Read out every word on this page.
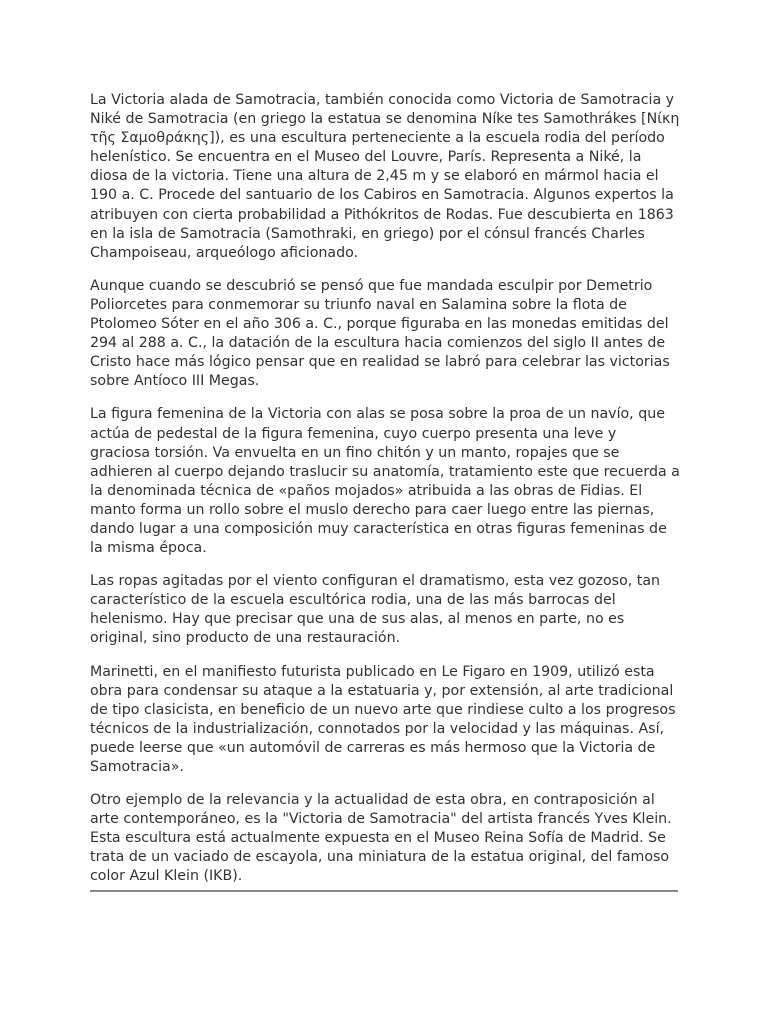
La Victoria alada de Samotracia, también conocida como Victoria de Samotracia y Niké de Samotracia (en griego la estatua se denomina Níke tes Samothrákes [Νίκη τῆς Σαμοθράκης]), es una escultura perteneciente a la escuela rodia del período helenístico. Se encuentra en el Museo del Louvre, París. Representa a Niké, la diosa de la victoria. Tiene una altura de 2,45 m y se elaboró en mármol hacia el 190 a. C. Procede del santuario de los Cabiros en Samotracia. Algunos expertos la atribuyen con cierta probabilidad a Pithókritos de Rodas. Fue descubierta en 1863 en la isla de Samotracia (Samothraki, en griego) por el cónsul francés Charles Champoiseau, arqueólogo aficionado.

Aunque cuando se descubrió se pensó que fue mandada esculpir por Demetrio Poliorcetes para conmemorar su triunfo naval en Salamina sobre la flota de Ptolomeo Sóter en el año 306 a. C., porque figuraba en las monedas emitidas del 294 al 288 a. C., la datación de la escultura hacia comienzos del siglo II antes de Cristo hace más lógico pensar que en realidad se labró para celebrar las victorias sobre Antíoco III Megas.

La figura femenina de la Victoria con alas se posa sobre la proa de un navío, que actúa de pedestal de la figura femenina, cuyo cuerpo presenta una leve y graciosa torsión. Va envuelta en un fino chitón y un manto, ropajes que se adhieren al cuerpo dejando traslucir su anatomía, tratamiento este que recuerda a la denominada técnica de «paños mojados» atribuida a las obras de Fidias. El manto forma un rollo sobre el muslo derecho para caer luego entre las piernas, dando lugar a una composición muy característica en otras figuras femeninas de la misma época.

Las ropas agitadas por el viento configuran el dramatismo, esta vez gozoso, tan característico de la escuela escultórica rodia, una de las más barrocas del helenismo. Hay que precisar que una de sus alas, al menos en parte, no es original, sino producto de una restauración.

Marinetti, en el manifiesto futurista publicado en Le Figaro en 1909, utilizó esta obra para condensar su ataque a la estatuaria y, por extensión, al arte tradicional de tipo clasicista, en beneficio de un nuevo arte que rindiese culto a los progresos técnicos de la industrialización, connotados por la velocidad y las máquinas. Así, puede leerse que «un automóvil de carreras es más hermoso que la Victoria de Samotracia».

Otro ejemplo de la relevancia y la actualidad de esta obra, en contraposición al arte contemporáneo, es la "Victoria de Samotracia" del artista francés Yves Klein. Esta escultura está actualmente expuesta en el Museo Reina Sofía de Madrid. Se trata de un vaciado de escayola, una miniatura de la estatua original, del famoso color Azul Klein (IKB).
